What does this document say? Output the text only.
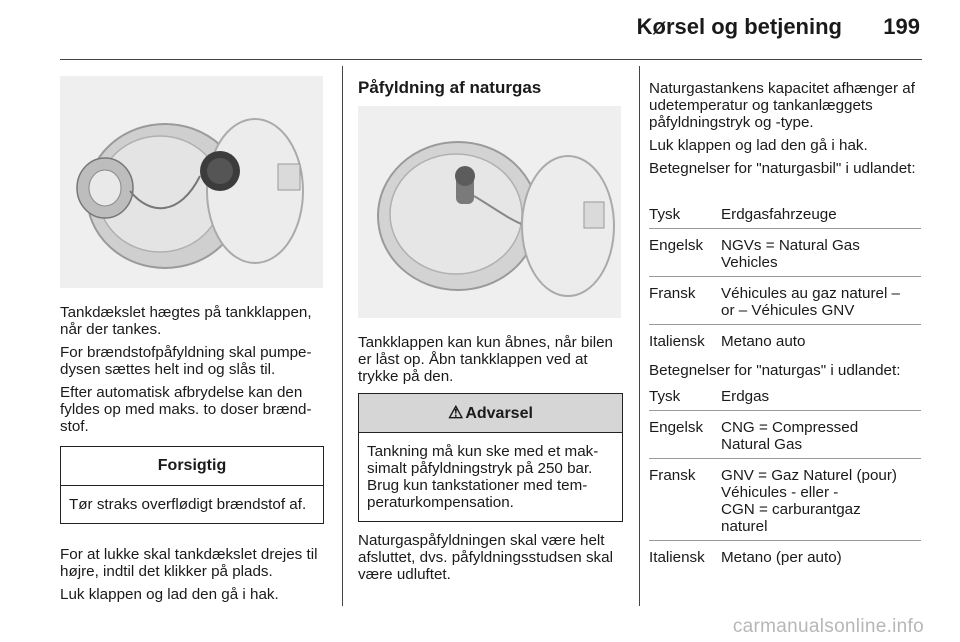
Kørsel og betjening 199

Tankdækslet hægtes på tankklappen, når der tankes.

For brændstofpåfyldning skal pumpedysen sættes helt ind og slås til.

Efter automatisk afbrydelse kan den fyldes op med maks. to doser brændstof.

Forsigtig
Tør straks overflødigt brændstof af.

For at lukke skal tankdækslet drejes til højre, indtil det klikker på plads.

Luk klappen og lad den gå i hak.

Påfyldning af naturgas

Tankklappen kan kun åbnes, når bilen er låst op. Åbn tankklappen ved at trykke på den.

⚠ Advarsel
Tankning må kun ske med et maksimalt påfyldningstryk på 250 bar. Brug kun tankstationer med temperaturkompensation.

Naturgaspåfyldningen skal være helt afsluttet, dvs. påfyldningsstudsen skal være udluftet.

Naturgastankens kapacitet afhænger af udetemperatur og tankanlæggets påfyldningstryk og -type.

Luk klappen og lad den gå i hak.

Betegnelser for "naturgasbil" i udlandet:

Tysk	Erdgasfahrzeuge
Engelsk	NGVs = Natural Gas
Vehicles
Fransk	Véhicules au gaz naturel –
or – Véhicules GNV
Italiensk	Metano auto

Betegnelser for "naturgas" i udlandet:

Tysk	Erdgas
Engelsk	CNG = Compressed
Natural Gas
Fransk	GNV = Gaz Naturel (pour)
Véhicules - eller -
CGN = carburantgaz
naturel
Italiensk	Metano (per auto)
carmanualsonline.info
